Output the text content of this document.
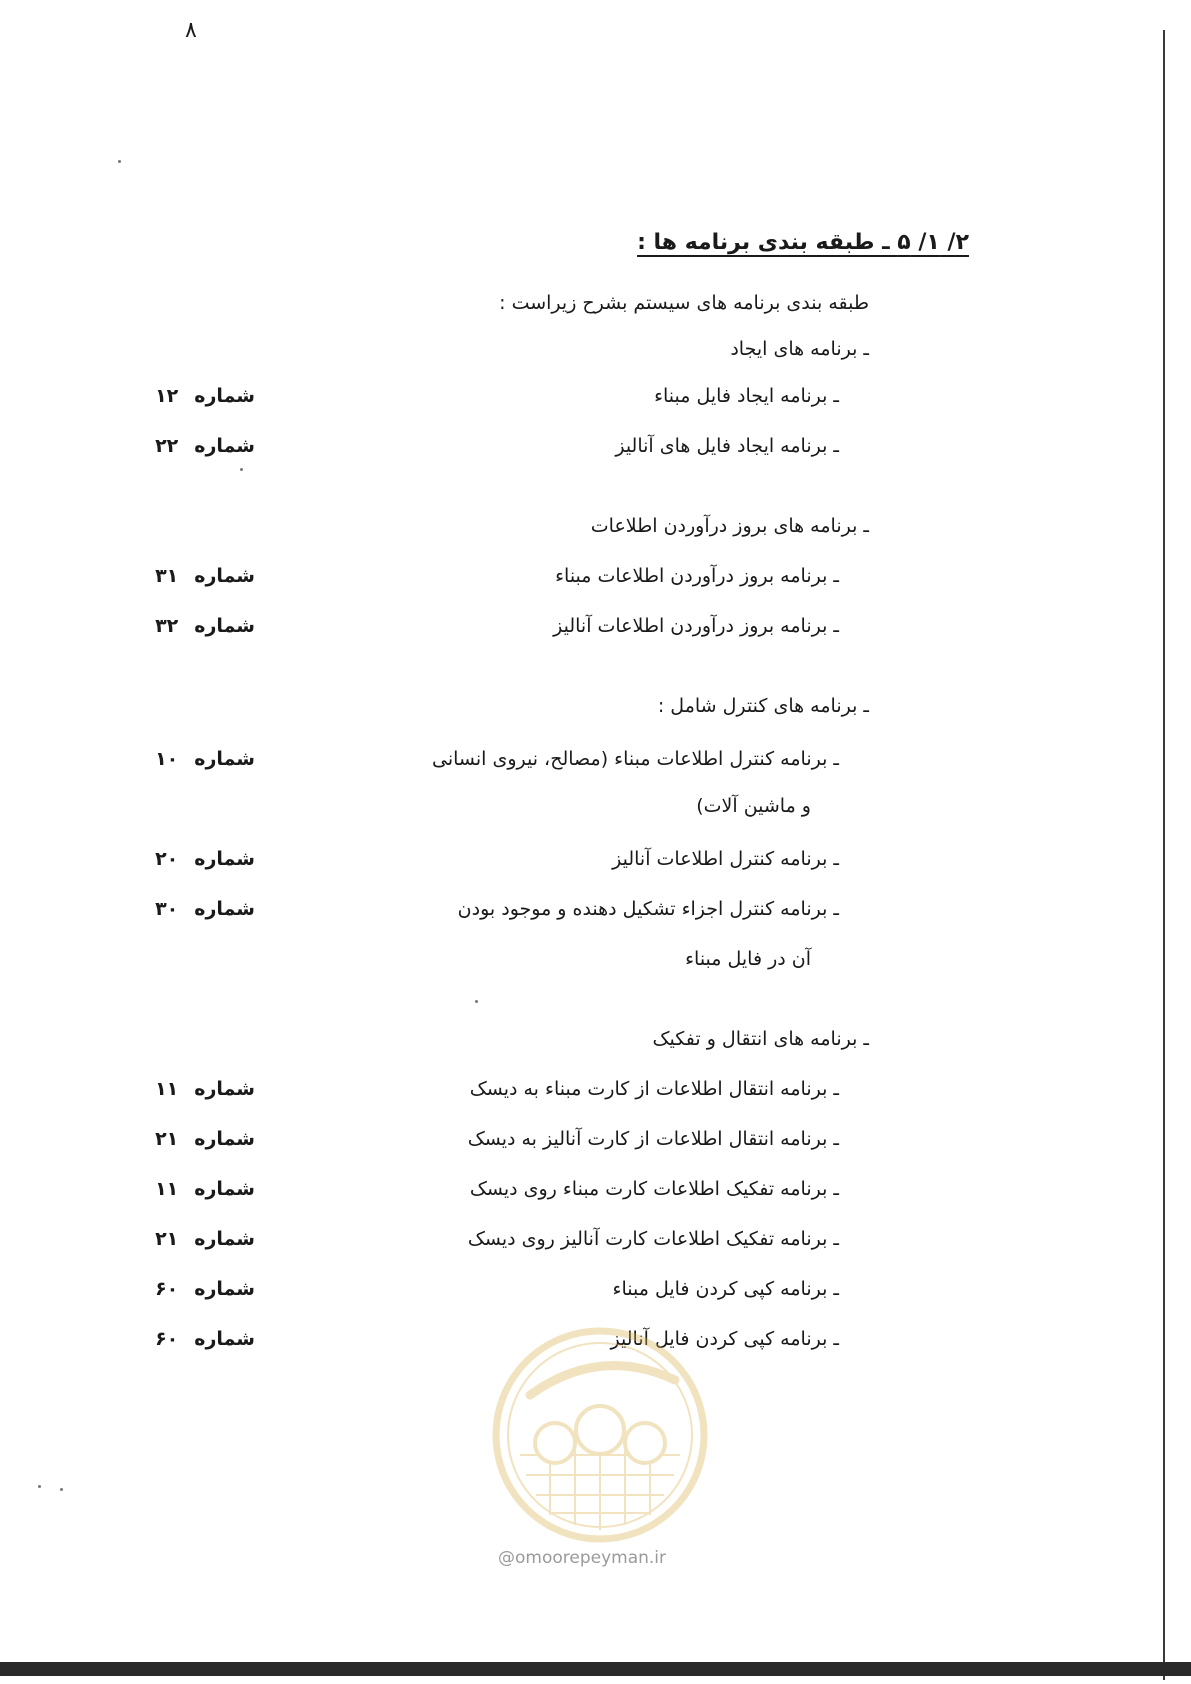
۸
۲/ ۱/ ۵ ـ طبقه بندی برنامه ها :
طبقه بندی برنامه های سیستم بشرح زیراست :
ـ برنامه های ایجاد
ـ برنامه ایجاد فایل مبناء
شماره۱۲
ـ برنامه ایجاد فایل های آنالیز
شماره۲۲
ـ برنامه های بروز درآوردن اطلاعات
ـ برنامه بروز درآوردن اطلاعات مبناء
شماره۳۱
ـ برنامه بروز درآوردن اطلاعات آنالیز
شماره۳۲
ـ برنامه های کنترل شامل :
ـ برنامه کنترل اطلاعات مبناء (مصالح، نیروی انسانی
شماره۱۰
و ماشین آلات)
ـ برنامه کنترل اطلاعات آنالیز
شماره۲۰
ـ برنامه کنترل اجزاء تشکیل دهنده و موجود بودن
شماره۳۰
آن در فایل مبناء
ـ برنامه های انتقال و تفکیک
ـ برنامه انتقال اطلاعات از کارت مبناء به دیسک
شماره۱۱
ـ برنامه انتقال اطلاعات از کارت آنالیز به دیسک
شماره۲۱
ـ برنامه تفکیک اطلاعات کارت مبناء روی دیسک
شماره۱۱
ـ برنامه تفکیک اطلاعات کارت آنالیز روی دیسک
شماره۲۱
ـ برنامه کپی کردن فایل مبناء
شماره۶۰
ـ برنامه کپی کردن فایل آنالیز
شماره۶۰
@omoorepeyman.ir
